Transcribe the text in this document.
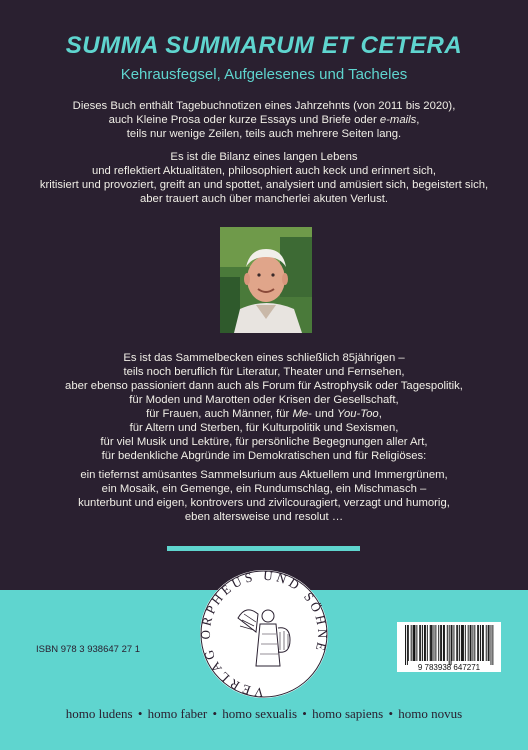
SUMMA SUMMARUM ET CETERA
Kehrausfegsel, Aufgelesenes und Tacheles
Dieses Buch enthält Tagebuchnotizen eines Jahrzehnts (von 2011 bis 2020),
auch Kleine Prosa oder kurze Essays und Briefe oder e-mails,
teils nur wenige Zeilen, teils auch mehrere Seiten lang.
Es ist die Bilanz eines langen Lebens
und reflektiert Aktualitäten, philosophiert auch keck und erinnert sich,
kritisiert und provoziert, greift an und spottet, analysiert und amüsiert sich, begeistert sich,
aber trauert auch über mancherlei akuten Verlust.
Es ist das Sammelbecken eines schließlich 85jährigen –
teils noch beruflich für Literatur, Theater und Fernsehen,
aber ebenso passioniert dann auch als Forum für Astrophysik oder Tagespolitik,
für Moden und Marotten oder Krisen der Gesellschaft,
für Frauen, auch Männer, für Me- und You-Too,
für Altern und Sterben, für Kulturpolitik und Sexismen,
für viel Musik und Lektüre, für persönliche Begegnungen aller Art,
für bedenkliche Abgründe im Demokratischen und für Religiöses:
ein tiefernst amüsantes Sammelsurium aus Aktuellem und Immergrünem,
ein Mosaik, ein Gemenge, ein Rundumschlag, ein Mischmasch –
kunterbunt und eigen, kontrovers und zivilcouragiert, verzagt und humorig,
eben altersweise und resolut …
VERLAG ORPHEUS UND SÖHNE
ISBN 978 3 938647 27 1
9 783938 647271
homo ludens • homo faber • homo sexualis • homo sapiens • homo novus
